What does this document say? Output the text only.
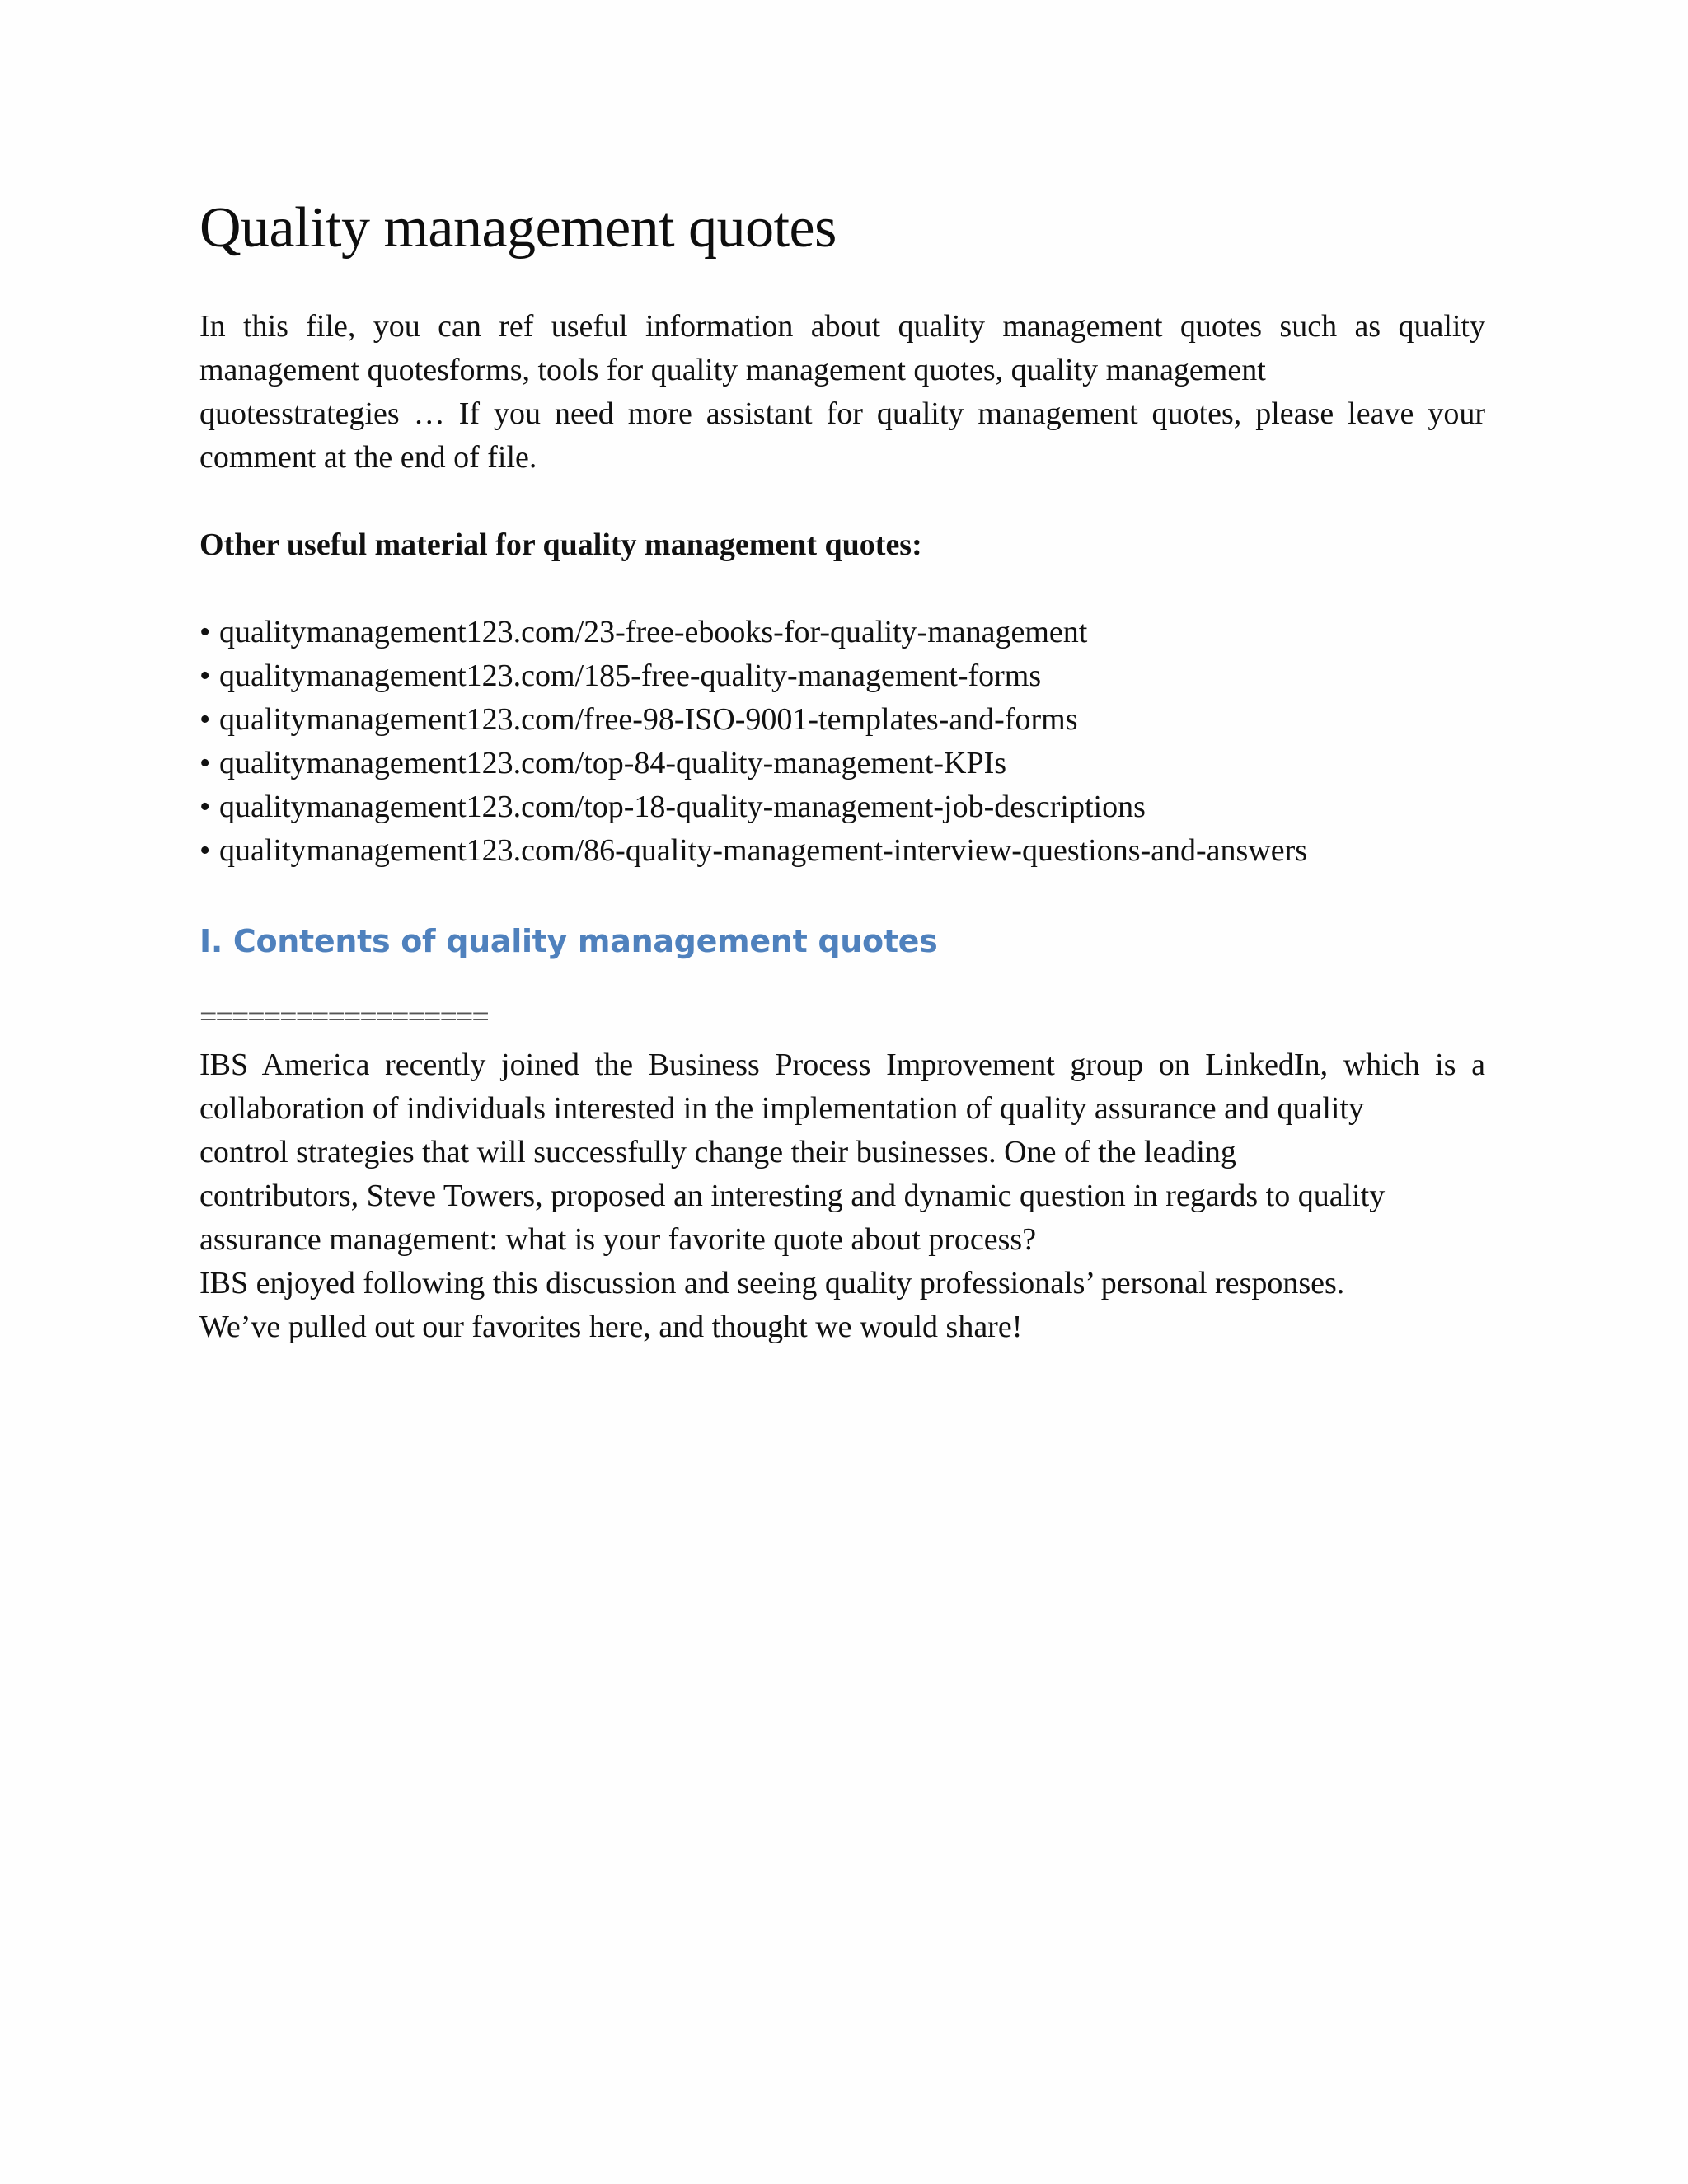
Quality management quotes

In this file, you can ref useful information about quality management quotes such as quality
management quotesforms, tools for quality management quotes, quality management
quotesstrategies … If you need more assistant for quality management quotes, please leave your
comment at the end of file.

Other useful material for quality management quotes:

• qualitymanagement123.com/23-free-ebooks-for-quality-management
• qualitymanagement123.com/185-free-quality-management-forms
• qualitymanagement123.com/free-98-ISO-9001-templates-and-forms
• qualitymanagement123.com/top-84-quality-management-KPIs
• qualitymanagement123.com/top-18-quality-management-job-descriptions
• qualitymanagement123.com/86-quality-management-interview-questions-and-answers
I. Contents of quality management quotes

==================

IBS America recently joined the Business Process Improvement group on LinkedIn, which is a
collaboration of individuals interested in the implementation of quality assurance and quality
control strategies that will successfully change their businesses. One of the leading
contributors, Steve Towers, proposed an interesting and dynamic question in regards to quality
assurance management: what is your favorite quote about process?
IBS enjoyed following this discussion and seeing quality professionals’ personal responses.
We’ve pulled out our favorites here, and thought we would share!
